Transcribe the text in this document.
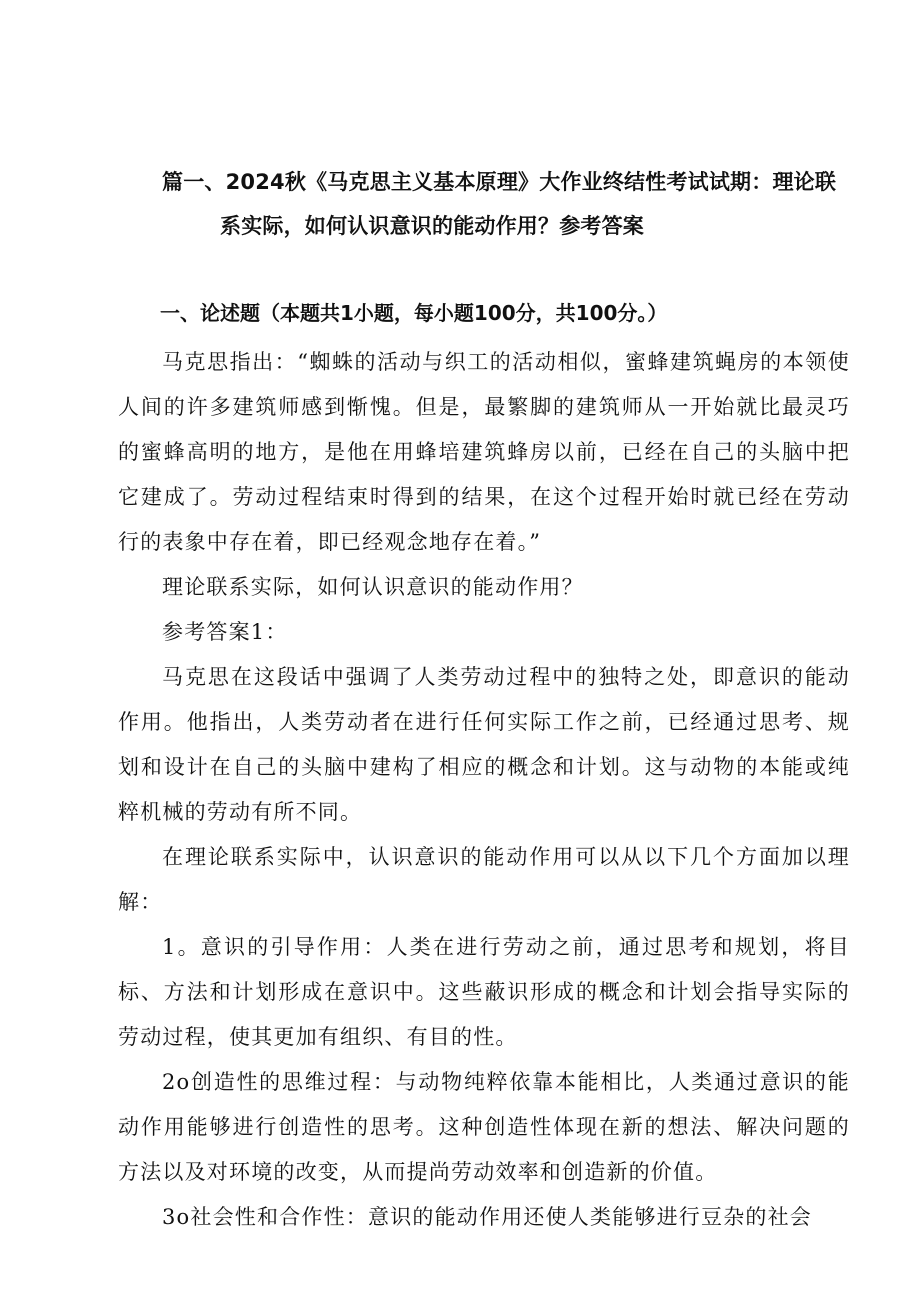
篇一、2024秋《马克思主义基本原理》大作业终结性考试试期：理论联
系实际，如何认识意识的能动作用？参考答案
一、论述题（本题共1小题，每小题100分，共100分。）

马克思指出：“蜘蛛的活动与织工的活动相似，蜜蜂建筑蝇房的本领使人间的许多建筑师感到惭愧。但是，最繁脚的建筑师从一开始就比最灵巧的蜜蜂高明的地方，是他在用蜂培建筑蜂房以前，已经在自己的头脑中把它建成了。劳动过程结束时得到的结果，在这个过程开始时就已经在劳动行的表象中存在着，即已经观念地存在着。”

理论联系实际，如何认识意识的能动作用？

参考答案1：

马克思在这段话中强调了人类劳动过程中的独特之处，即意识的能动作用。他指出，人类劳动者在进行任何实际工作之前，已经通过思考、规划和设计在自己的头脑中建构了相应的概念和计划。这与动物的本能或纯粹机械的劳动有所不同。

在理论联系实际中，认识意识的能动作用可以从以下几个方面加以理解：

1。意识的引导作用：人类在进行劳动之前，通过思考和规划，将目标、方法和计划形成在意识中。这些蔽识形成的概念和计划会指导实际的劳动过程，使其更加有组织、有目的性。

2o创造性的思维过程：与动物纯粹依靠本能相比，人类通过意识的能动作用能够进行创造性的思考。这种创造性体现在新的想法、解决问题的方法以及对环境的改变，从而提尚劳动效率和创造新的价值。

3o社会性和合作性：意识的能动作用还使人类能够进行豆杂的社会
